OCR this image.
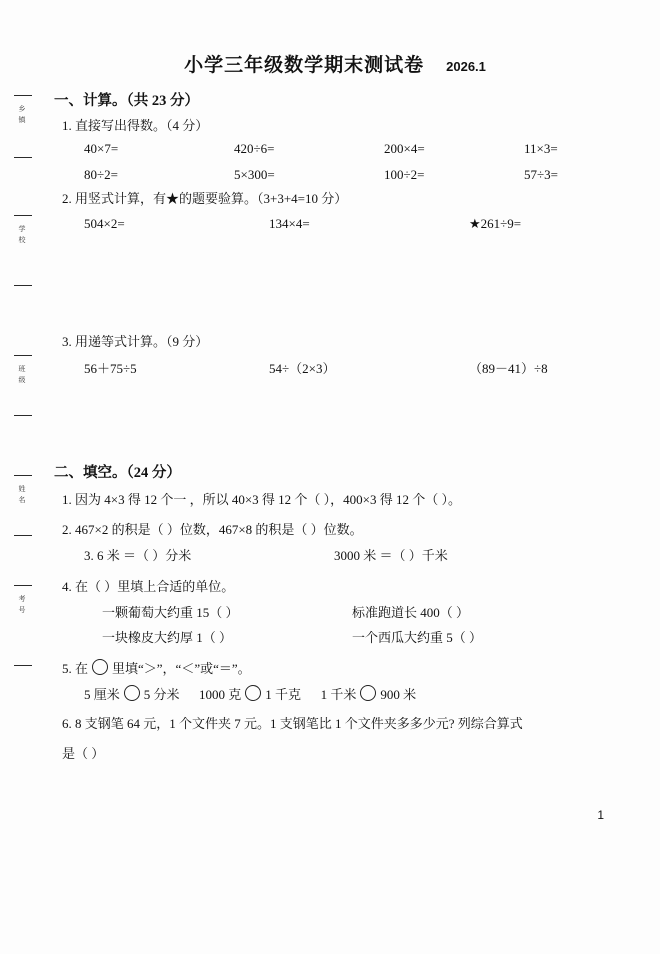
乡 镇
学 校
班 级
姓 名
考 号
小学三年级数学期末测试卷 2026.1
一、计算。（共 23 分）
1. 直接写出得数。（4 分）
40×7=	420÷6=	200×4=	11×3=
80÷2=	5×300=	100÷2=	57÷3=
2. 用竖式计算，有★的题要验算。（3+3+4=10 分）
504×2=	134×4=	★261÷9=
3. 用递等式计算。（9 分）
56＋75÷5	54÷（2×3）	（89－41）÷8
二、填空。（24 分）
1. 因为 4×3 得 12 个一 ，所以 40×3 得 12 个（ ），400×3 得 12 个（ ）。
2. 467×2 的积是（ ）位数，467×8 的积是（ ）位数。
3. 6 米 ＝（ ）分米	3000 米 ＝（ ）千米
4. 在（ ）里填上合适的单位。
一颗葡萄大约重 15（ ）	标准跑道长 400（ ）
一块橡皮大约厚 1（ ）	一个西瓜大约重 5（ ）
5. 在 里填“＞”，“＜”或“＝”。
5 厘米 5 分米 1000 克 1 千克 1 千米 900 米
6. 8 支钢笔 64 元，1 个文件夹 7 元。1 支钢笔比 1 个文件夹多多少元? 列综合算式
是（ ）
1
